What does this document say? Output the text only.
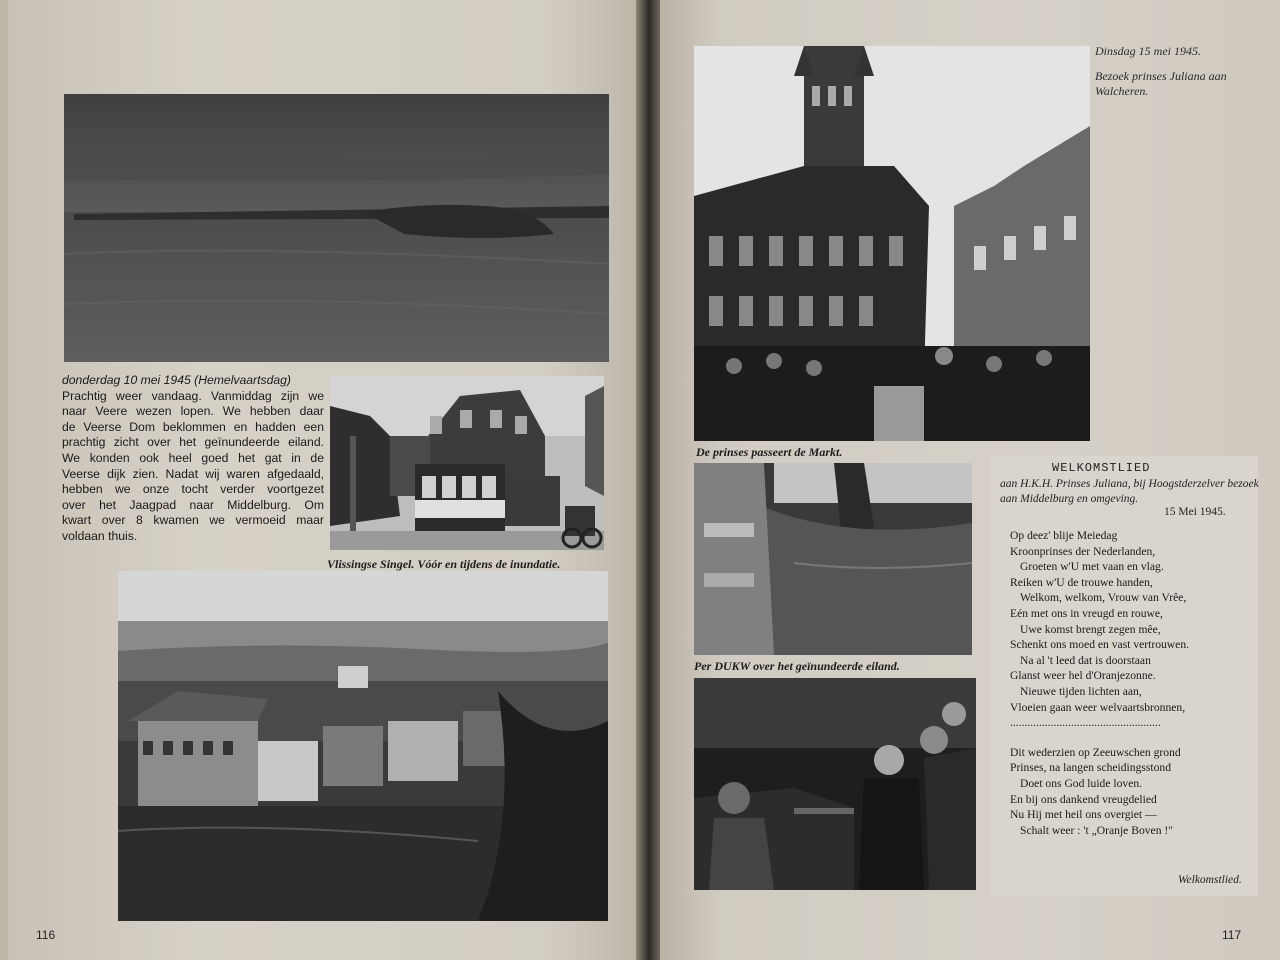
donderdag 10 mei 1945 (Hemelvaartsdag)
Prachtig weer vandaag. Vanmiddag zijn we
naar Veere wezen lopen. We hebben daar
de Veerse Dom beklommen en hadden een
prachtig zicht over het geïnundeerde eiland.
We konden ook heel goed het gat in de
Veerse dijk zien. Nadat wij waren afgedaald,
hebben we onze tocht verder voortgezet
over het Jaagpad naar Middelburg. Om
kwart over 8 kwamen we vermoeid maar
voldaan thuis.
Vlissingse Singel. Vóór en tijdens de inundatie.
116
De prinses passeert de Markt.
Dinsdag 15 mei 1945.
Bezoek prinses Juliana aan Walcheren.
Per DUKW over het geïnundeerde eiland.
WELKOMSTLIED
aan H.K.H. Prinses Juliana, bij Hoogstderzelver bezoek aan Middelburg en omgeving.
15 Mei 1945.
Op deez' blije Meiedag
Kroonprinses der Nederlanden,
Groeten w'U met vaan en vlag.
Reiken w'U de trouwe handen,
Welkom, welkom, Vrouw van Vrêe,
Eén met ons in vreugd en rouwe,
Uwe komst brengt zegen mêe,
Schenkt ons moed en vast vertrouwen.
Na al 't leed dat is doorstaan
Glanst weer hel d'Oranjezonne.
Nieuwe tijden lichten aan,
Vloeien gaan weer welvaartsbronnen,
....................................................
Dit wederzien op Zeeuwschen grond
Prinses, na langen scheidingsstond
Doet ons God luide loven.
En bij ons dankend vreugdelied
Nu Hij met heil ons overgiet —
Schalt weer : 't „Oranje Boven !"
Welkomstlied.
117
